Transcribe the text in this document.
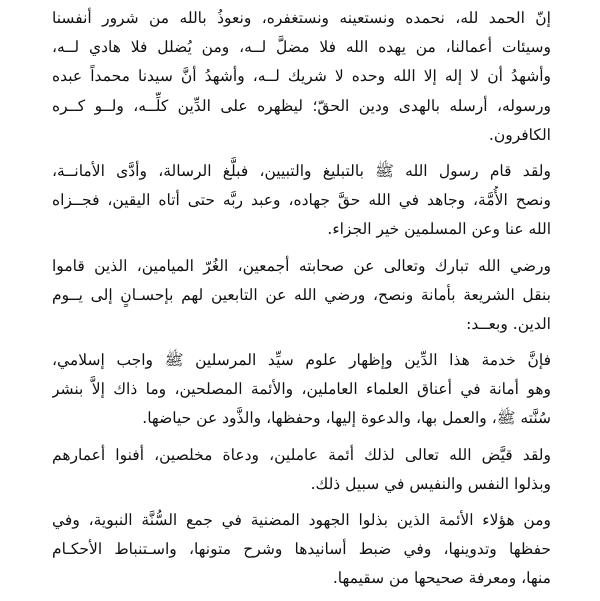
إنّ الحمد لله، نحمده ونستعينه ونستغفره، ونعوذُ بالله من شرور أنفسنا
وسيئات أعمالنا، من يهده الله فلا مضلَّ لــه، ومن يُضلل فلا هادي لــه،
وأشهدُ أن لا إله إلا الله وحده لا شريك لــه، وأشهدُ أنَّ سيدنا محمداً عبده
ورسوله، أرسله بالهدى ودين الحقّ؛ ليظهره على الدِّين كلِّــه، ولــو كــره
الكافرون.

ولقد قام رسول الله ﷺ بالتبليغ والتبيين، فبلَّغ الرسالة، وأدَّى الأمانــة،
ونصح الأُمَّة، وجاهد في الله حقَّ جهاده، وعبد ربَّه حتى أتاه اليقين، فجــزاه
الله عنا وعن المسلمين خير الجزاء.

ورضي الله تبارك وتعالى عن صحابته أجمعين، الغُرّ الميامين، الذين قاموا
بنقل الشريعة بأمانة ونصح، ورضي الله عن التابعين لهم بإحسـانٍ إلى يــوم
الدين. وبعــد:

فإنَّ خدمة هذا الدِّين وإظهار علوم سيِّد المرسلين ﷺ واجب إسلامي،
وهو أمانة في أعناق العلماء العاملين، والأئمة المصلحين، وما ذاك إلاَّ بنشر
سُنَّته ﷺ، والعمل بها، والدعوة إليها، وحفظها، والذَّود عن حياضها.

ولقد قيَّض الله تعالى لذلك أئمة عاملين، ودعاة مخلصين، أفنوا أعمارهم
وبذلوا النفس والنفيس في سبيل ذلك.

ومن هؤلاء الأئمة الذين بذلوا الجهود المضنية في جمع السُّنَّة النبوية، وفي
حفظها وتدوينها، وفي ضبط أسانيدها وشرح متونها، واسـتنباط الأحكـام
منها، ومعرفة صحيحها من سقيمها.
